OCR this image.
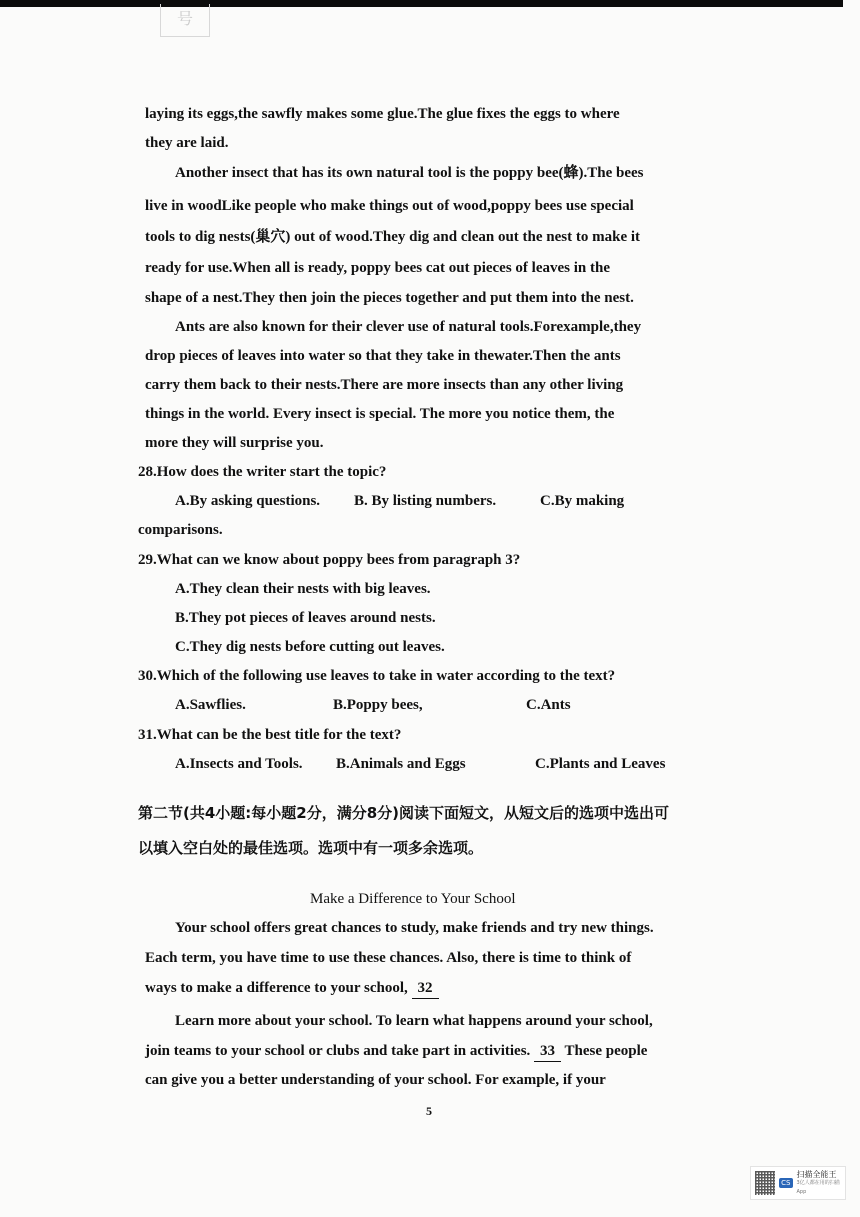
号
laying its eggs,the sawfly makes some glue.The glue fixes the eggs to where
they are laid.
Another insect that has its own natural tool is the poppy bee(蜂).The bees
live in woodLike people who make things out of wood,poppy bees use special
tools to dig nests(巢穴) out of wood.They dig and clean out the nest to make it
ready for use.When all is ready, poppy bees cat out pieces of leaves in the
shape of a nest.They then join the pieces together and put them into the nest.
Ants are also known for their clever use of natural tools.Forexample,they
drop pieces of leaves into water so that they take in thewater.Then the ants
carry them back to their nests.There are more insects than any other living
things in the world. Every insect is special. The more you notice them, the
more they will surprise you.
28.How does the writer start the topic?
A.By asking questions. B. By listing numbers.	C.By making
comparisons.
29.What can we know about poppy bees from paragraph 3?
A.They clean their nests with big leaves.
B.They pot pieces of leaves around nests.
C.They dig nests before cutting out leaves.
30.Which of the following use leaves to take in water according to the text?
A.Sawflies.	B.Poppy bees,	C.Ants
31.What can be the best title for the text?
A.Insects and Tools. B.Animals and Eggs	C.Plants and Leaves
第二节(共4小题:每小题2分，满分8分)阅读下面短文，从短文后的选项中选出可
以填入空白处的最佳选项。选项中有一项多余选项。
Make a Difference to Your School
Your school offers great chances to study, make friends and try new things.
Each term, you have time to use these chances. Also, there is time to think of
ways to make a difference to your school, 32
Learn more about your school. To learn what happens around your school,
join teams to your school or clubs and take part in activities. 33 These people
can give you a better understanding of your school. For example, if your
5
CS
扫描全能王
3亿人都在用的扫描App
